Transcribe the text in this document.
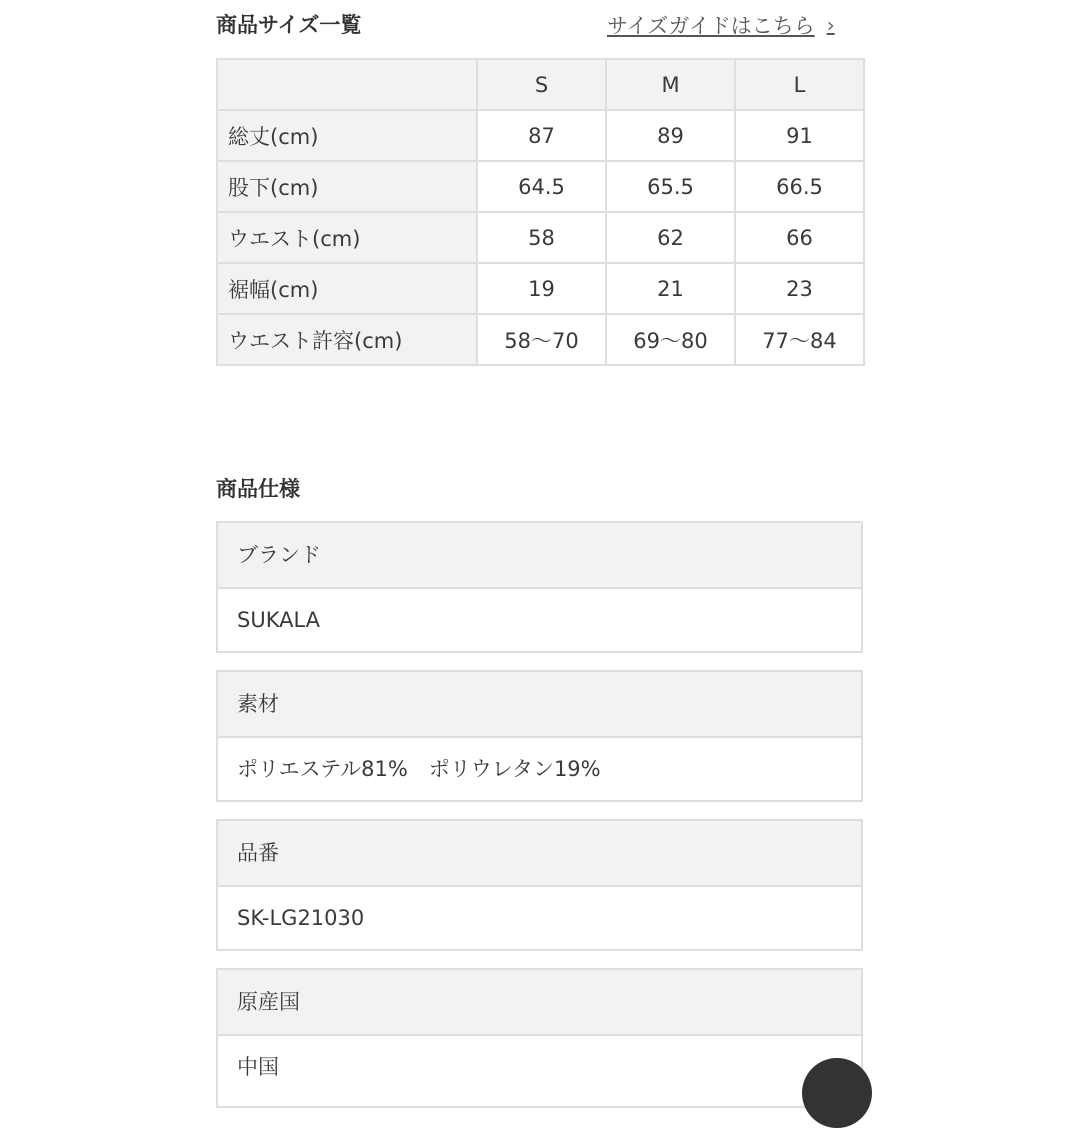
商品サイズ一覧	サイズガイドはこちら ›
	S	M	L
総丈(cm)	87	89	91
股下(cm)	64.5	65.5	66.5
ウエスト(cm)	58	62	66
裾幅(cm)	19	21	23
ウエスト許容(cm)	58〜70	69〜80	77〜84
商品仕様
ブランド
SUKALA
素材
ポリエステル81%　ポリウレタン19%
品番
SK-LG21030
原産国
中国
